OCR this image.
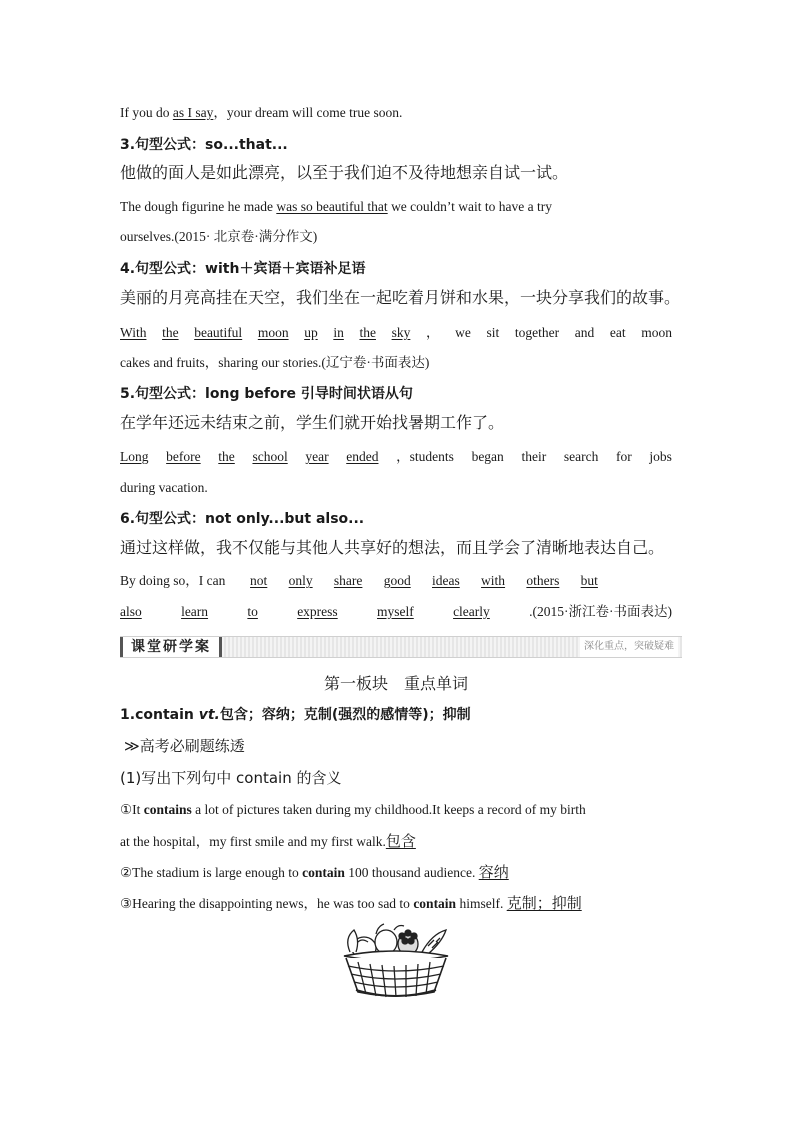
If you do as I say，your dream will come true soon.
3.句型公式：so...that...
他做的面人是如此漂亮，以至于我们迫不及待地想亲自试一试。
The dough figurine he made was so beautiful that we couldn’t wait to have a try
ourselves.(2015· 北京卷·满分作文)
4.句型公式：with＋宾语＋宾语补足语
美丽的月亮高挂在天空，我们坐在一起吃着月饼和水果，一块分享我们的故事。
With the beautiful moon up in the sky ， we sit together and eat moon
cakes and fruits，sharing our stories.(辽宁卷·书面表达)
5.句型公式：long before 引导时间状语从句
在学年还远未结束之前，学生们就开始找暑期工作了。
Long before the school year ended ，students began their search for jobs
during vacation.
6.句型公式：not only...but also...
通过这样做，我不仅能与其他人共享好的想法，而且学会了清晰地表达自己。
By doing so，I can not only share good ideas with others but
also	learn	to	express	myself	clearly	.(2015·浙江卷·书面表达)
第一板块　重点单词
1.contain vt.包含；容纳；克制(强烈的感情等)；抑制
≫高考必刷题练透
(1)写出下列句中 contain 的含义
①It contains a lot of pictures taken during my childhood.It keeps a record of my birth
at the hospital，my first smile and my first walk.包含
②The stadium is large enough to contain 100 thousand audience. 容纳
③Hearing the disappointing news，he was too sad to contain himself. 克制；抑制
课堂研学案	深化重点，突破疑难
